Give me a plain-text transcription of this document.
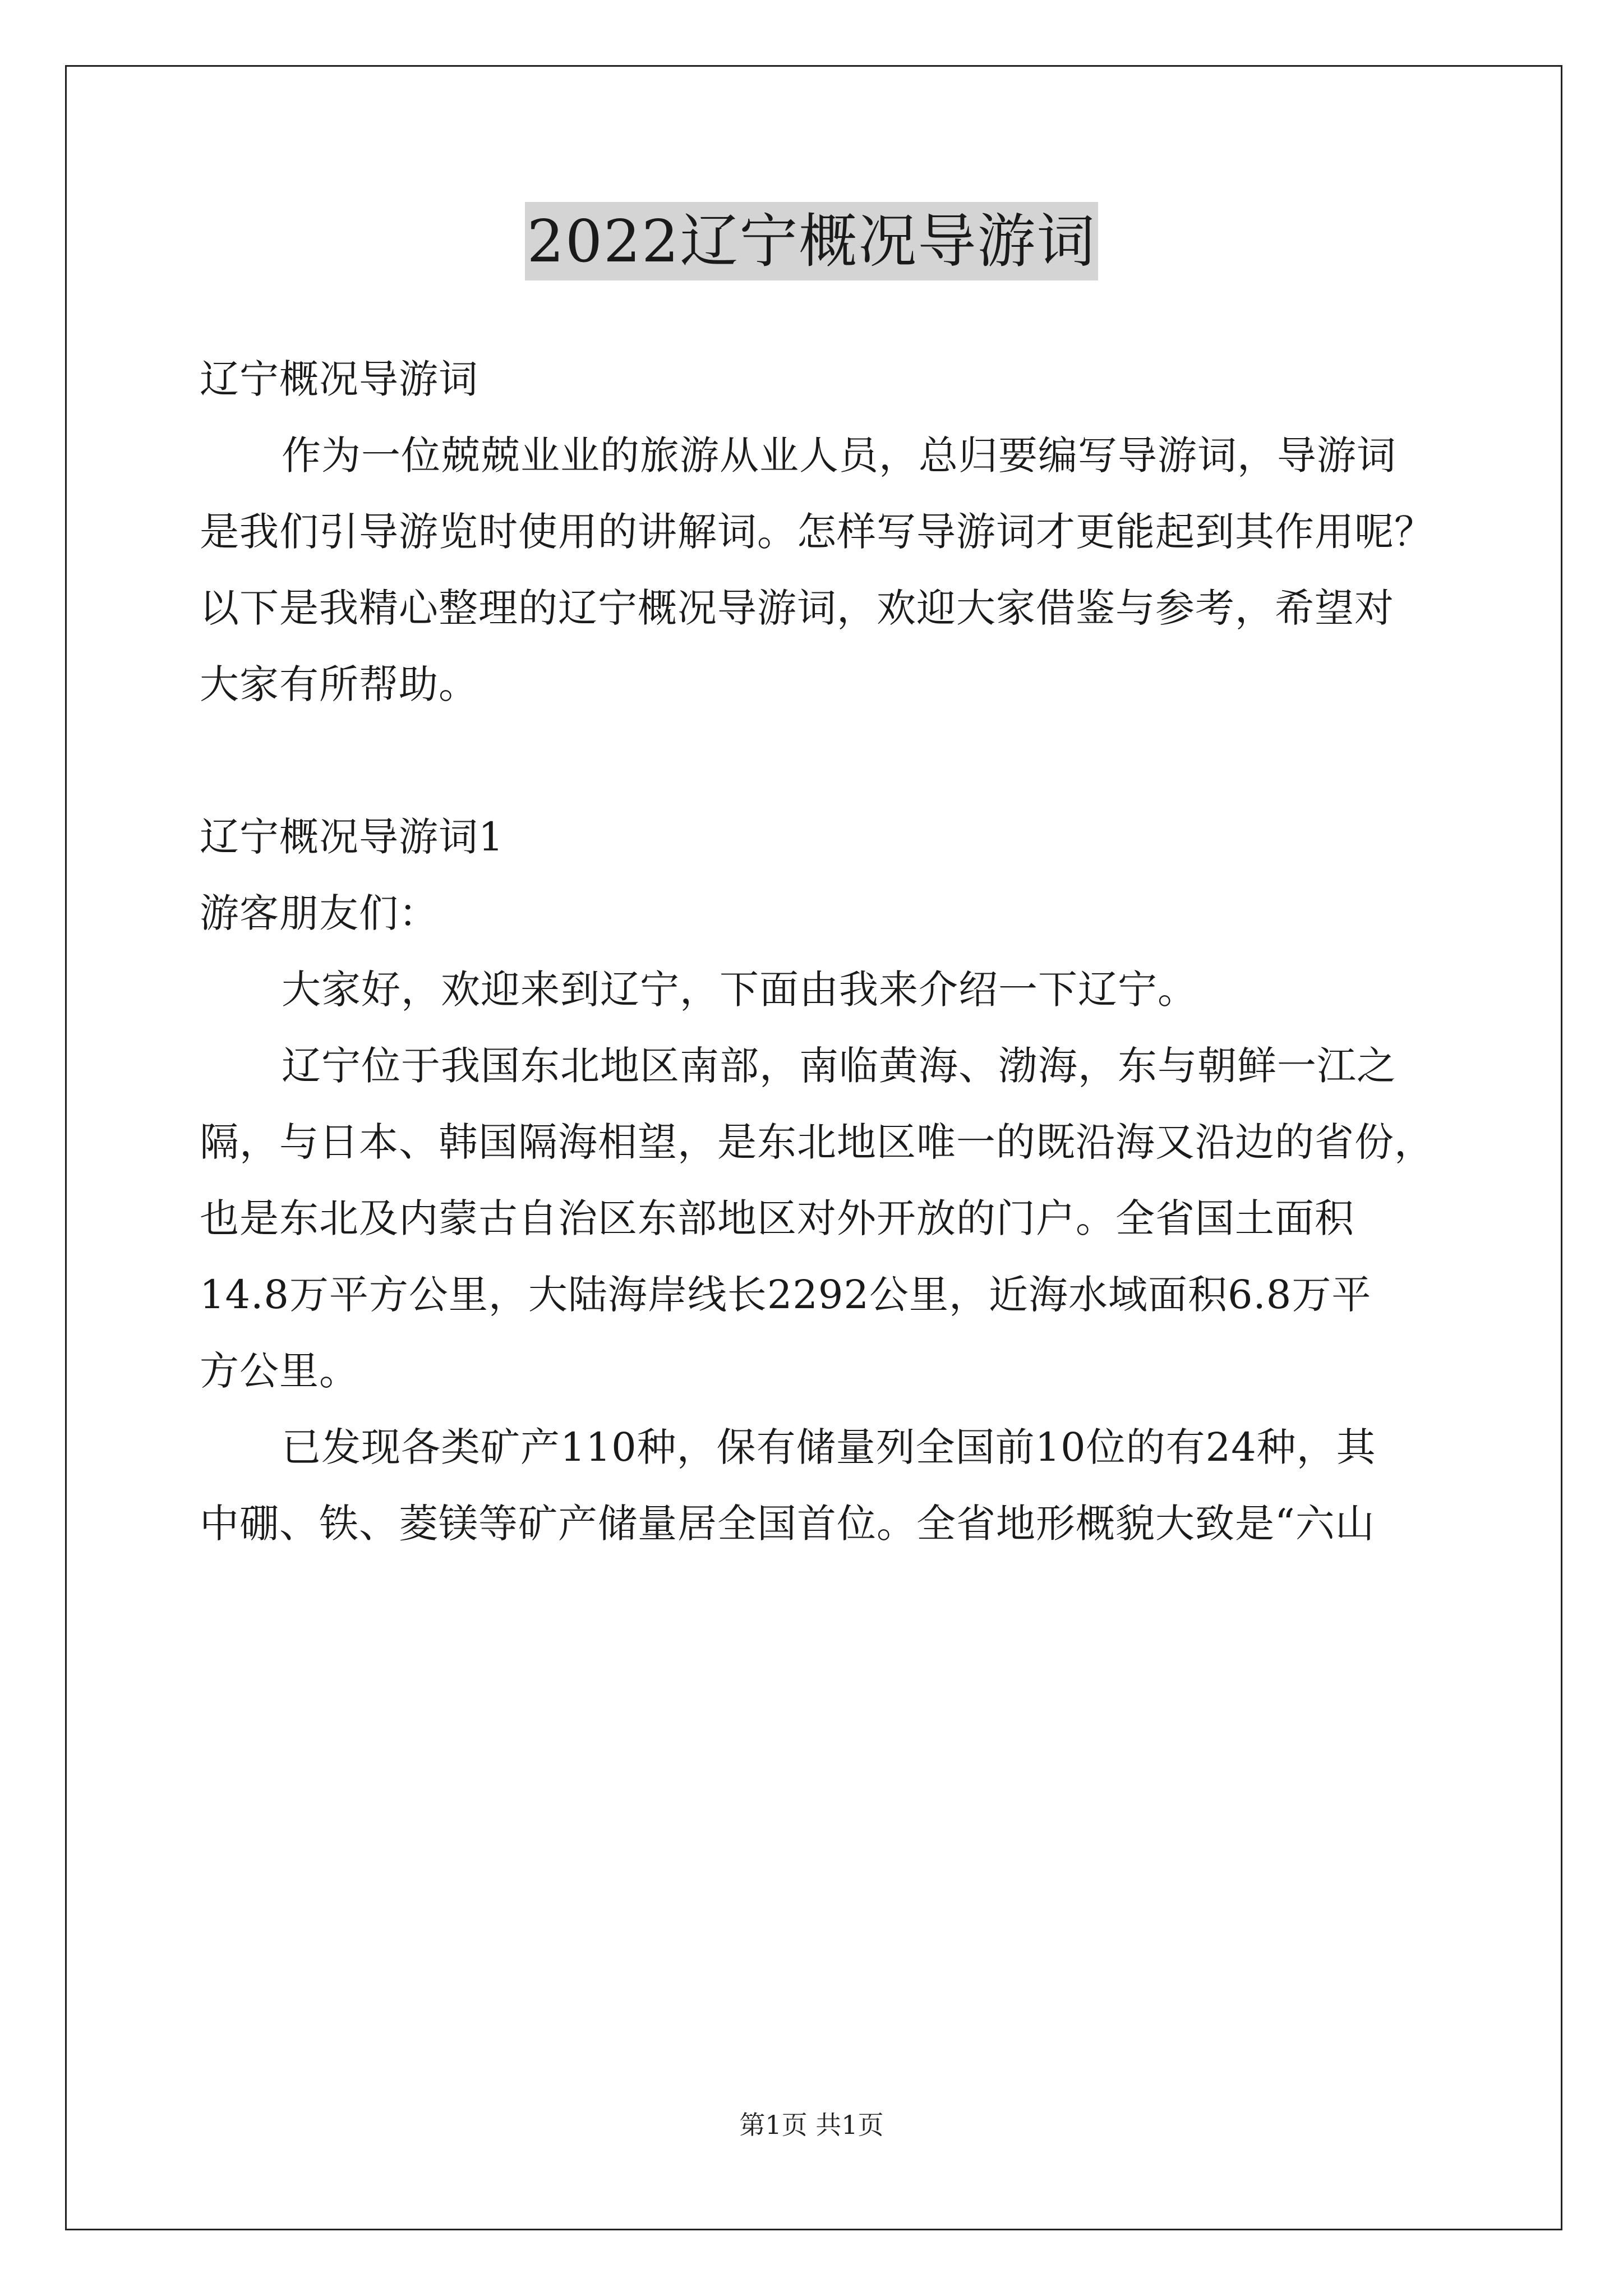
2022辽宁概况导游词
辽宁概况导游词
作为一位兢兢业业的旅游从业人员，总归要编写导游词，导游词
是我们引导游览时使用的讲解词。怎样写导游词才更能起到其作用呢？
以下是我精心整理的辽宁概况导游词，欢迎大家借鉴与参考，希望对
大家有所帮助。
辽宁概况导游词1
游客朋友们：
大家好，欢迎来到辽宁，下面由我来介绍一下辽宁。
辽宁位于我国东北地区南部，南临黄海、渤海，东与朝鲜一江之
隔，与日本、韩国隔海相望，是东北地区唯一的既沿海又沿边的省份，
也是东北及内蒙古自治区东部地区对外开放的门户。全省国土面积
14.8万平方公里，大陆海岸线长2292公里，近海水域面积6.8万平
方公里。
已发现各类矿产110种，保有储量列全国前10位的有24种，其
中硼、铁、菱镁等矿产储量居全国首位。全省地形概貌大致是“六山
第1页 共1页
